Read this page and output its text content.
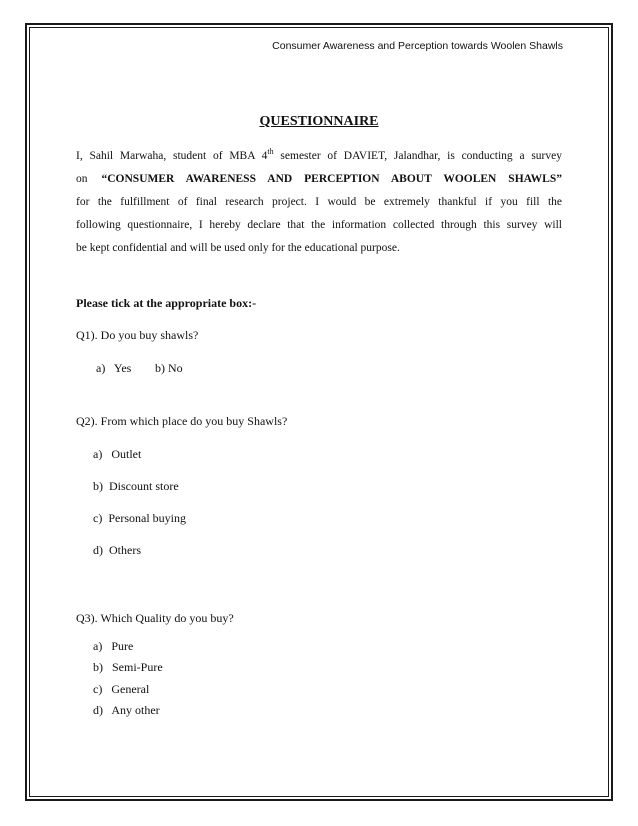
Consumer Awareness and Perception towards Woolen Shawls
QUESTIONNAIRE

I, Sahil Marwaha, student of MBA 4th semester of DAVIET, Jalandhar, is conducting a survey

on “CONSUMER AWARENESS AND PERCEPTION ABOUT WOOLEN SHAWLS”

for the fulfillment of final research project. I would be extremely thankful if you fill the

following questionnaire, I hereby declare that the information collected through this survey will

be kept confidential and will be used only for the educational purpose.

Please tick at the appropriate box:-
Q1). Do you buy shawls?
a)   Yes b) No
Q2). From which place do you buy Shawls?
a)   Outlet
b)  Discount store
c)  Personal buying
d)  Others
Q3). Which Quality do you buy?
a)   Pure
b)   Semi-Pure
c)   General
d)   Any other
